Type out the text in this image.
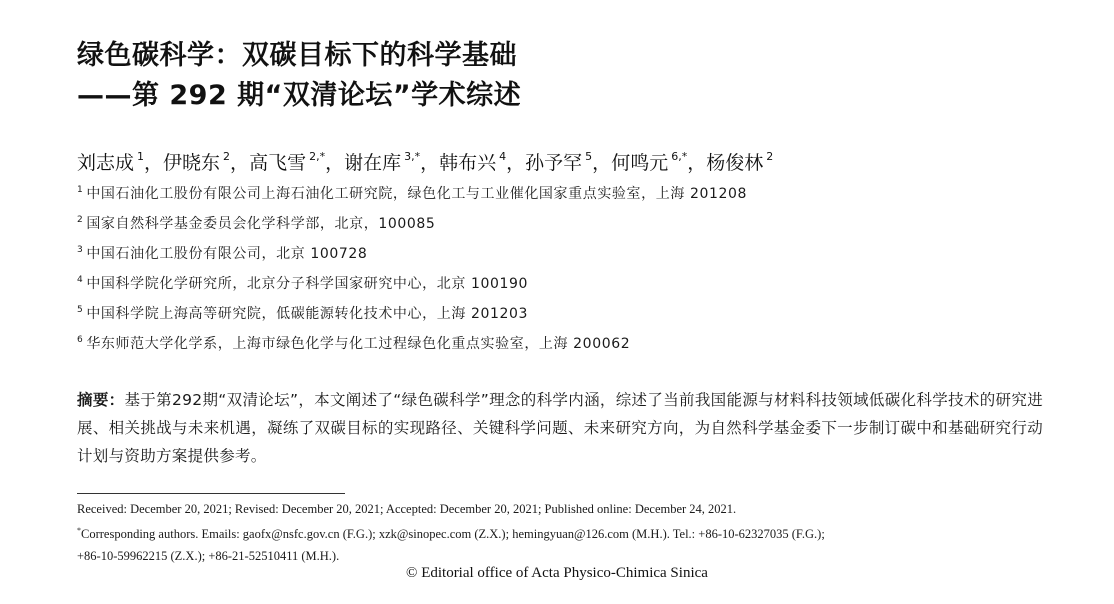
绿色碳科学：双碳目标下的科学基础
——第 292 期“双清论坛”学术综述
刘志成 $^1$，伊晓东 $^2$，高飞雪 $^{2,*}$，谢在库 $^{3,*}$，韩布兴 $^4$，孙予罕 $^5$，何鸣元 $^{6,*}$，杨俊林 $^2$
$^1$ 中国石油化工股份有限公司上海石油化工研究院，绿色化工与工业催化国家重点实验室，上海 201208
$^2$ 国家自然科学基金委员会化学科学部，北京，100085
$^3$ 中国石油化工股份有限公司，北京 100728
$^4$ 中国科学院化学研究所，北京分子科学国家研究中心，北京 100190
$^5$ 中国科学院上海高等研究院，低碳能源转化技术中心，上海 201203
$^6$ 华东师范大学化学系，上海市绿色化学与化工过程绿色化重点实验室，上海 200062
摘要：基于第292期“双清论坛”，本文阐述了“绿色碳科学”理念的科学内涵，综述了当前我国能源与材料科技领域低碳化科学技术的研究进展、相关挑战与未来机遇，凝练了双碳目标的实现路径、关键科学问题、未来研究方向，为自然科学基金委下一步制订碳中和基础研究行动计划与资助方案提供参考。
Received: December 20, 2021; Revised: December 20, 2021; Accepted: December 20, 2021; Published online: December 24, 2021.
*Corresponding authors. Emails: gaofx@nsfc.gov.cn (F.G.); xzk@sinopec.com (Z.X.); hemingyuan@126.com (M.H.). Tel.: +86-10-62327035 (F.G.);
+86-10-59962215 (Z.X.); +86-21-52510411 (M.H.).
© Editorial office of Acta Physico-Chimica Sinica
